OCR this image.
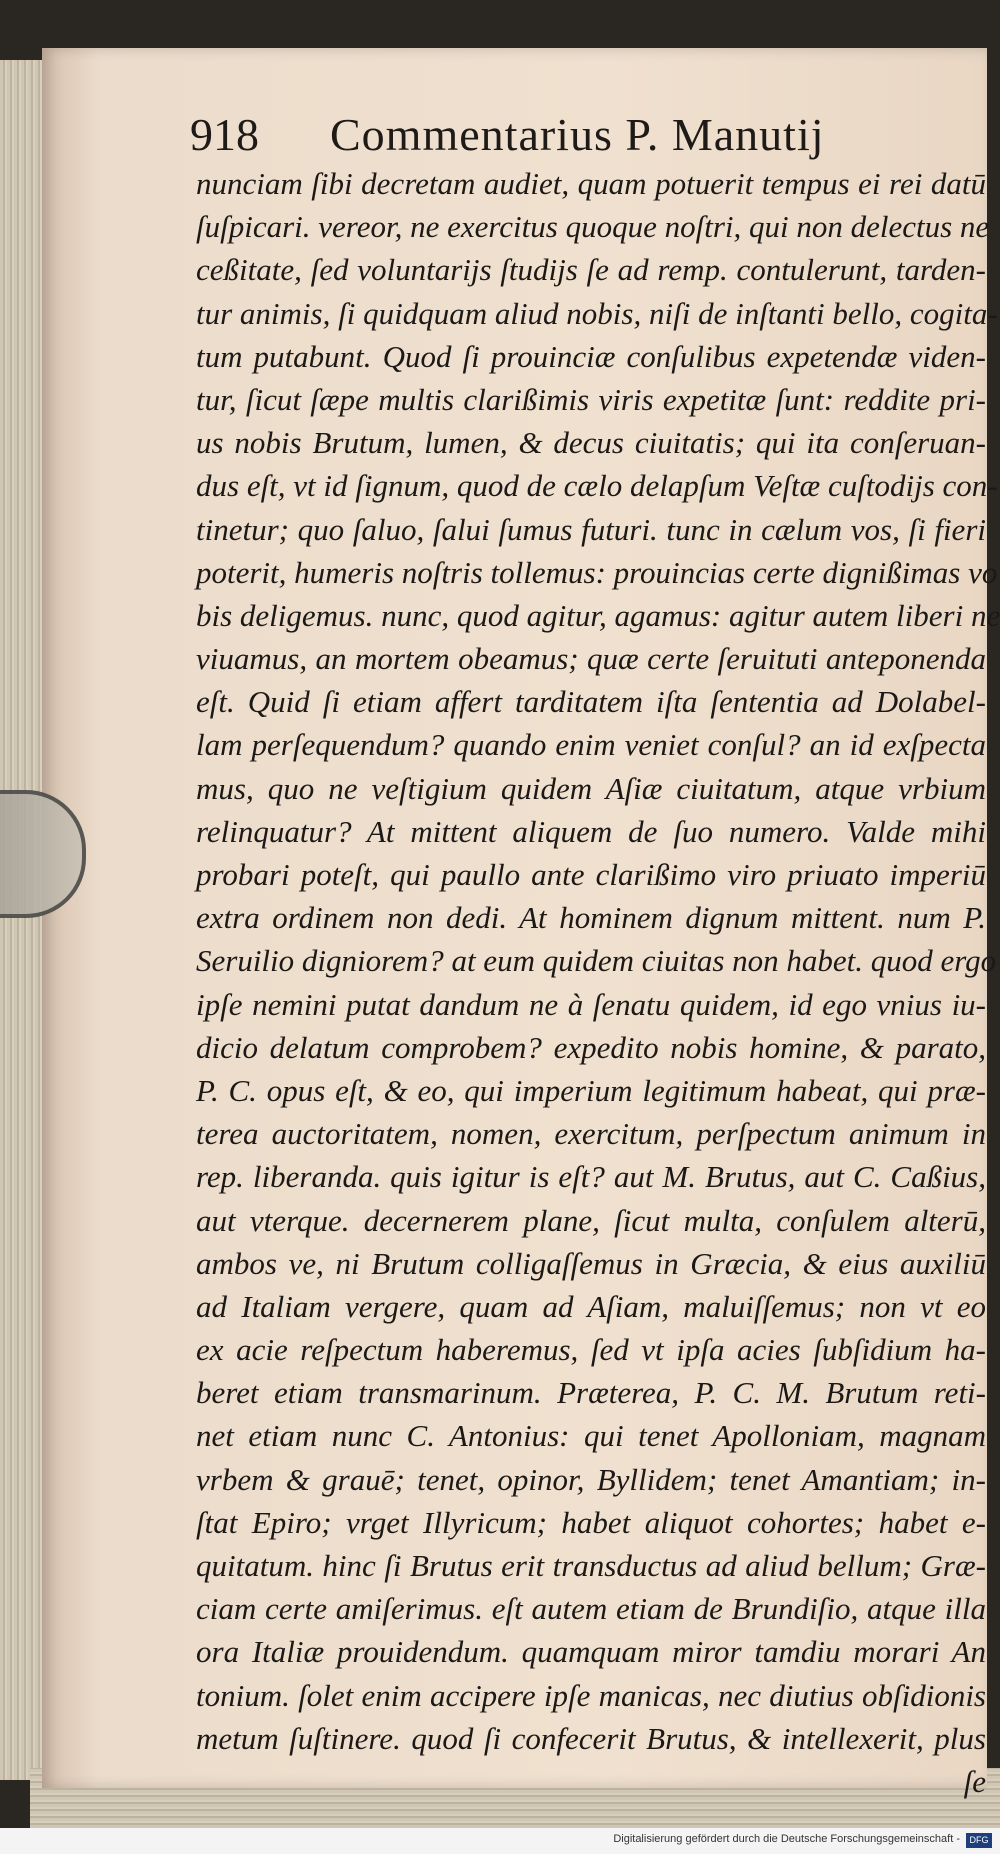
918 Commentarius P. Manutij
nunciam ſibi decretam audiet, quam potuerit tempus ei rei datū
ſuſpicari. vereor, ne exercitus quoque noſtri, qui non delectus ne
ceßitate, ſed voluntarijs ſtudijs ſe ad remp. contulerunt, tarden-
tur animis, ſi quidquam aliud nobis, niſi de inſtanti bello, cogita-
tum putabunt. Quod ſi prouinciæ conſulibus expetendæ viden-
tur, ſicut ſæpe multis clarißimis viris expetitæ ſunt: reddite pri-
us nobis Brutum, lumen, & decus ciuitatis; qui ita conſeruan-
dus eſt, vt id ſignum, quod de cælo delapſum Veſtæ cuſtodijs con-
tinetur; quo ſaluo, ſalui ſumus futuri. tunc in cælum vos, ſi fieri
poterit, humeris noſtris tollemus: prouincias certe dignißimas vo
bis deligemus. nunc, quod agitur, agamus: agitur autem liberi ne
viuamus, an mortem obeamus; quæ certe ſeruituti anteponenda
eſt. Quid ſi etiam affert tarditatem iſta ſententia ad Dolabel-
lam perſequendum? quando enim veniet conſul? an id exſpecta
mus, quo ne veſtigium quidem Aſiæ ciuitatum, atque vrbium
relinquatur? At mittent aliquem de ſuo numero. Valde mihi
probari poteſt, qui paullo ante clarißimo viro priuato imperiū
extra ordinem non dedi. At hominem dignum mittent. num P.
Seruilio digniorem? at eum quidem ciuitas non habet. quod ergo
ipſe nemini putat dandum ne à ſenatu quidem, id ego vnius iu-
dicio delatum comprobem? expedito nobis homine, & parato,
P. C. opus eſt, & eo, qui imperium legitimum habeat, qui præ-
terea auctoritatem, nomen, exercitum, perſpectum animum in
rep. liberanda. quis igitur is eſt? aut M. Brutus, aut C. Caßius,
aut vterque. decernerem plane, ſicut multa, conſulem alterū,
ambos ve, ni Brutum colligaſſemus in Græcia, & eius auxiliū
ad Italiam vergere, quam ad Aſiam, maluiſſemus; non vt eo
ex acie reſpectum haberemus, ſed vt ipſa acies ſubſidium ha-
beret etiam transmarinum. Præterea, P. C. M. Brutum reti-
net etiam nunc C. Antonius: qui tenet Apolloniam, magnam
vrbem & grauē; tenet, opinor, Byllidem; tenet Amantiam; in-
ſtat Epiro; vrget Illyricum; habet aliquot cohortes; habet e-
quitatum. hinc ſi Brutus erit transductus ad aliud bellum; Græ-
ciam certe amiſerimus. eſt autem etiam de Brundiſio, atque illa
ora Italiæ prouidendum. quamquam miror tamdiu morari An
tonium. ſolet enim accipere ipſe manicas, nec diutius obſidionis
metum ſuſtinere. quod ſi confecerit Brutus, & intellexerit, plus
ſe
Digitalisierung gefördert durch die Deutsche Forschungsgemeinschaft -	DFG
